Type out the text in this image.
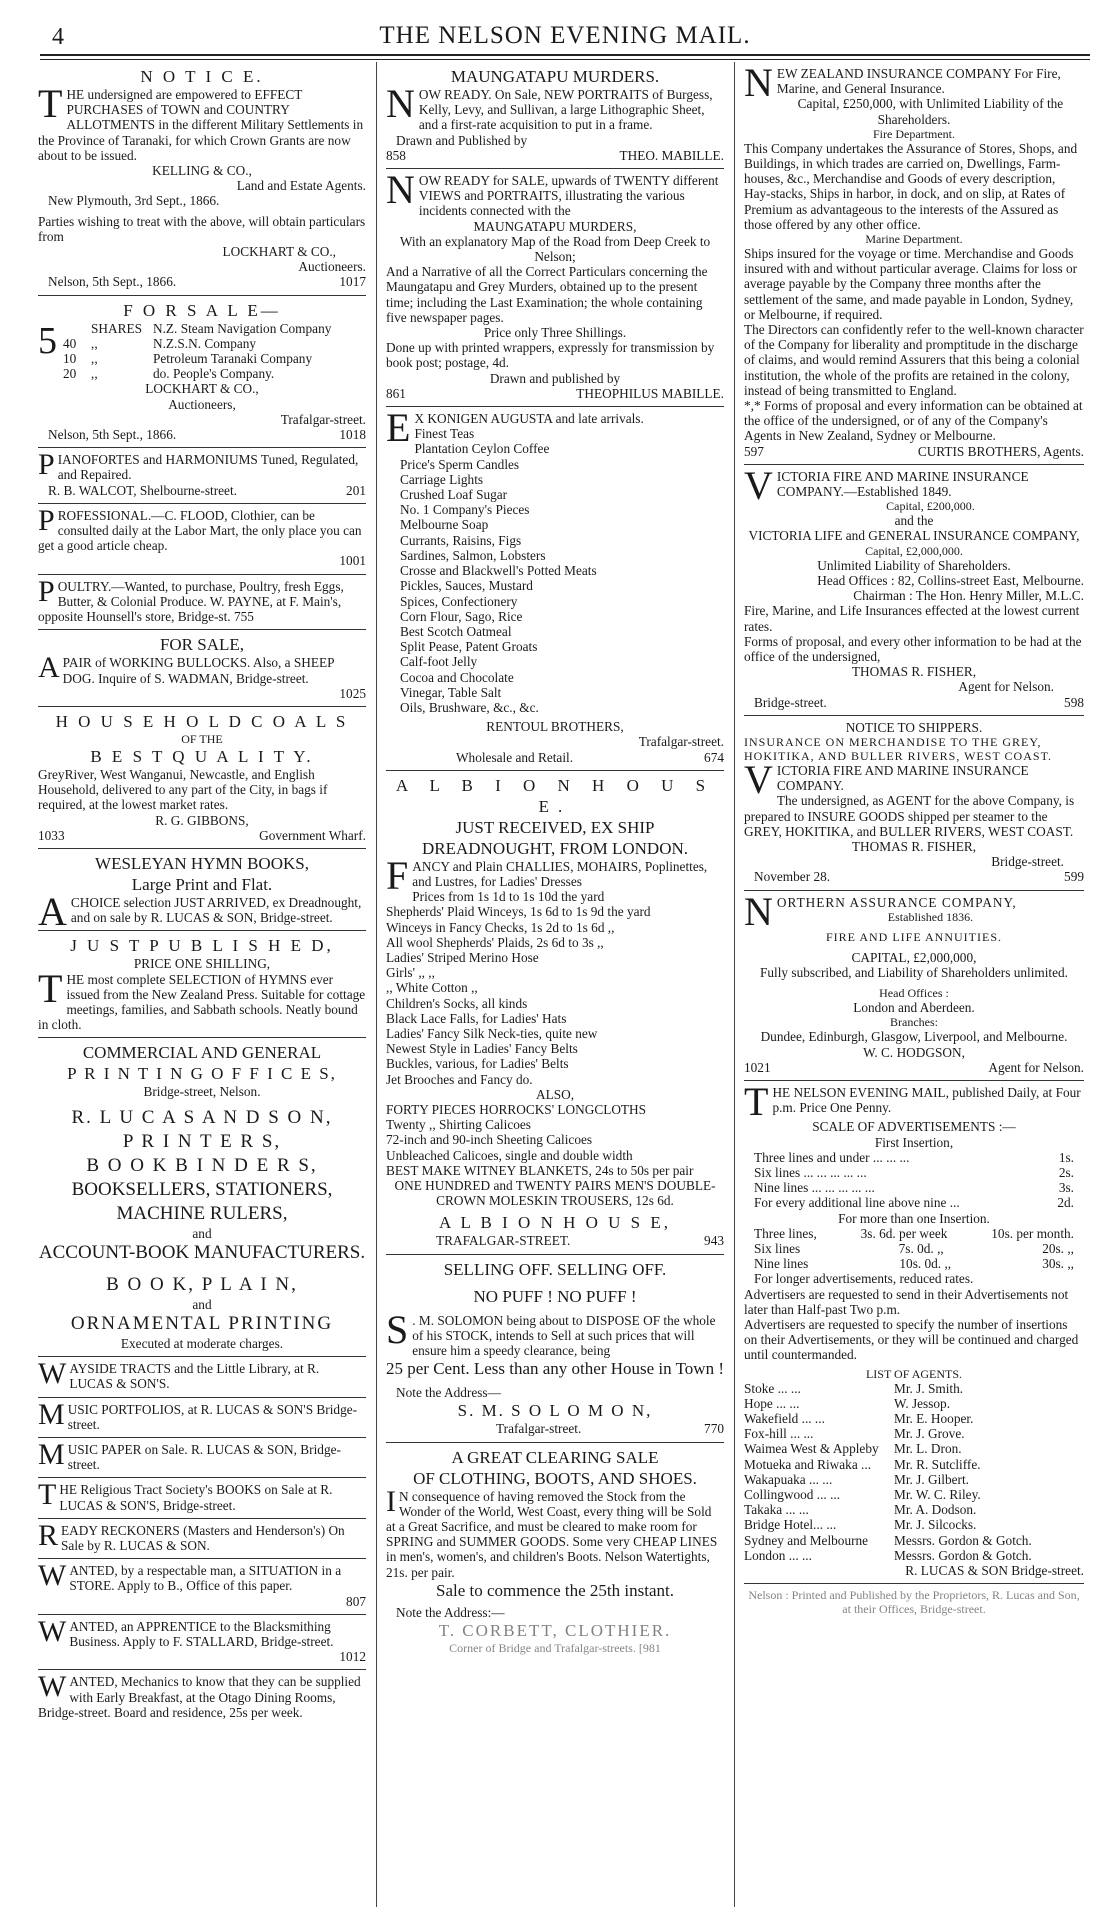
4	THE NELSON EVENING MAIL.
N O T I C E.
THE undersigned are empowered to EFFECT PURCHASES of TOWN and COUNTRY ALLOTMENTS in the different Military Settlements in the Province of Taranaki, for which Crown Grants are now about to be issued.
KELLING & CO.,
Land and Estate Agents.
New Plymouth, 3rd Sept., 1866.
Parties wishing to treat with the above, will obtain particulars from
LOCKHART & CO.,
Auctioneers.
Nelson, 5th Sept., 1866.	1017
F O R S A L E—
5	SHARES N.Z. Steam Navigation Company
40	,,	N.Z.S.N. Company
10	,,	Petroleum Taranaki Company
20	,,	do. People's Company.
LOCKHART & CO.,
Auctioneers,
Trafalgar-street.
Nelson, 5th Sept., 1866.	1018
PIANOFORTES and HARMONIUMS Tuned, Regulated, and Repaired.
R. B. WALCOT, Shelbourne-street.	201
PROFESSIONAL.—C. FLOOD, Clothier, can be consulted daily at the Labor Mart, the only place you can get a good article cheap.
1001
POULTRY.—Wanted, to purchase, Poultry, fresh Eggs, Butter, & Colonial Produce. W. PAYNE, at F. Main's, opposite Hounsell's store, Bridge-st. 755
FOR SALE,
APAIR of WORKING BULLOCKS. Also, a SHEEP DOG. Inquire of S. WADMAN, Bridge-street.
1025
H O U S E H O L D C O A L S
OF THE
B E S T Q U A L I T Y.
GreyRiver, West Wanganui, Newcastle, and English Household, delivered to any part of the City, in bags if required, at the lowest market rates.
R. G. GIBBONS,
1033	Government Wharf.
WESLEYAN HYMN BOOKS,
Large Print and Flat.
ACHOICE selection JUST ARRIVED, ex Dreadnought, and on sale by R. LUCAS & SON, Bridge-street.
J U S T P U B L I S H E D,
PRICE ONE SHILLING,
THE most complete SELECTION of HYMNS ever issued from the New Zealand Press. Suitable for cottage meetings, families, and Sabbath schools. Neatly bound in cloth.
COMMERCIAL AND GENERAL
P R I N T I N G O F F I C E S,
Bridge-street, Nelson.
R. L U C A S A N D S O N,
P R I N T E R S,
B O O K B I N D E R S,
BOOKSELLERS, STATIONERS,
MACHINE RULERS,
and
ACCOUNT-BOOK MANUFACTURERS.
B O O K, P L A I N,
and
ORNAMENTAL PRINTING
Executed at moderate charges.
WAYSIDE TRACTS and the Little Library, at R. LUCAS & SON'S.
MUSIC PORTFOLIOS, at R. LUCAS & SON'S Bridge-street.
MUSIC PAPER on Sale. R. LUCAS & SON, Bridge-street.
THE Religious Tract Society's BOOKS on Sale at R. LUCAS & SON'S, Bridge-street.
READY RECKONERS (Masters and Henderson's) On Sale by R. LUCAS & SON.
WANTED, by a respectable man, a SITUATION in a STORE. Apply to B., Office of this paper.
807
WANTED, an APPRENTICE to the Blacksmithing Business. Apply to F. STALLARD, Bridge-street.
1012
WANTED, Mechanics to know that they can be supplied with Early Breakfast, at the Otago Dining Rooms, Bridge-street. Board and residence, 25s per week.
MAUNGATAPU MURDERS.
NOW READY. On Sale, NEW PORTRAITS of Burgess, Kelly, Levy, and Sullivan, a large Lithographic Sheet, and a first-rate acquisition to put in a frame.
Drawn and Published by
858	THEO. MABILLE.
NOW READY for SALE, upwards of TWENTY different VIEWS and PORTRAITS, illustrating the various incidents connected with the
MAUNGATAPU MURDERS,
With an explanatory Map of the Road from Deep Creek to Nelson;
And a Narrative of all the Correct Particulars concerning the Maungatapu and Grey Murders, obtained up to the present time; including the Last Examination; the whole containing five newspaper pages.
Price only Three Shillings.
Done up with printed wrappers, expressly for transmission by book post; postage, 4d.
Drawn and published by
861	THEOPHILUS MABILLE.
E X KONIGEN AUGUSTA and late arrivals.
Finest Teas
Plantation Ceylon Coffee
Price's Sperm Candles
Carriage Lights
Crushed Loaf Sugar
No. 1 Company's Pieces
Melbourne Soap
Currants, Raisins, Figs
Sardines, Salmon, Lobsters
Crosse and Blackwell's Potted Meats
Pickles, Sauces, Mustard
Spices, Confectionery
Corn Flour, Sago, Rice
Best Scotch Oatmeal
Split Pease, Patent Groats
Calf-foot Jelly
Cocoa and Chocolate
Vinegar, Table Salt
Oils, Brushware, &c., &c.
RENTOUL BROTHERS,
Trafalgar-street.
Wholesale and Retail.	674
A L B I O N H O U S E.
JUST RECEIVED, EX SHIP
DREADNOUGHT, FROM LONDON.
FANCY and Plain CHALLIES, MOHAIRS, Poplinettes, and Lustres, for Ladies' Dresses
Prices from 1s 1d to 1s 10d the yard
Shepherds' Plaid Winceys, 1s 6d to 1s 9d the yard
Winceys in Fancy Checks, 1s 2d to 1s 6d ,,
All wool Shepherds' Plaids, 2s 6d to 3s ,,
Ladies' Striped Merino Hose
Girls' ,, ,,
,, White Cotton ,,
Children's Socks, all kinds
Black Lace Falls, for Ladies' Hats
Ladies' Fancy Silk Neck-ties, quite new
Newest Style in Ladies' Fancy Belts
Buckles, various, for Ladies' Belts
Jet Brooches and Fancy do.
ALSO,
FORTY PIECES HORROCKS' LONGCLOTHS
Twenty ,, Shirting Calicoes
72-inch and 90-inch Sheeting Calicoes
Unbleached Calicoes, single and double width
BEST MAKE WITNEY BLANKETS, 24s to 50s per pair
ONE HUNDRED and TWENTY PAIRS MEN'S DOUBLE-CROWN MOLESKIN TROUSERS, 12s 6d.
A L B I O N H O U S E,
TRAFALGAR-STREET.	943
SELLING OFF. SELLING OFF.
NO PUFF ! NO PUFF !
S . M. SOLOMON being about to DISPOSE OF the whole of his STOCK, intends to Sell at such prices that will ensure him a speedy clearance, being
25 per Cent. Less than any other House in Town !
Note the Address—
S. M. S O L O M O N,
Trafalgar-street.	770
A GREAT CLEARING SALE
OF CLOTHING, BOOTS, AND SHOES.
I N consequence of having removed the Stock from the Wonder of the World, West Coast, every thing will be Sold at a Great Sacrifice, and must be cleared to make room for SPRING and SUMMER GOODS. Some very CHEAP LINES in men's, women's, and children's Boots. Nelson Watertights, 21s. per pair.
Sale to commence the 25th instant.
Note the Address:—
T. CORBETT, CLOTHIER.
Corner of Bridge and Trafalgar-streets. [981
NEW ZEALAND INSURANCE COMPANY For Fire, Marine, and General Insurance.
Capital, £250,000, with Unlimited Liability of the Shareholders.
Fire Department.
This Company undertakes the Assurance of Stores, Shops, and Buildings, in which trades are carried on, Dwellings, Farm-houses, &c., Merchandise and Goods of every description, Hay-stacks, Ships in harbor, in dock, and on slip, at Rates of Premium as advantageous to the interests of the Assured as those offered by any other office.
Marine Department.
Ships insured for the voyage or time. Merchandise and Goods insured with and without particular average. Claims for loss or average payable by the Company three months after the settlement of the same, and made payable in London, Sydney, or Melbourne, if required.
The Directors can confidently refer to the well-known character of the Company for liberality and promptitude in the discharge of claims, and would remind Assurers that this being a colonial institution, the whole of the profits are retained in the colony, instead of being transmitted to England.
*,* Forms of proposal and every information can be obtained at the office of the undersigned, or of any of the Company's Agents in New Zealand, Sydney or Melbourne.
597	CURTIS BROTHERS, Agents.
VICTORIA FIRE AND MARINE INSURANCE COMPANY.—Established 1849.
Capital, £200,000.
and the
VICTORIA LIFE and GENERAL INSURANCE COMPANY,
Capital, £2,000,000.
Unlimited Liability of Shareholders.
Head Offices : 82, Collins-street East, Melbourne.
Chairman : The Hon. Henry Miller, M.L.C.
Fire, Marine, and Life Insurances effected at the lowest current rates.
Forms of proposal, and every other information to be had at the office of the undersigned,
THOMAS R. FISHER,
Agent for Nelson.
Bridge-street.	598
NOTICE TO SHIPPERS.
INSURANCE ON MERCHANDISE TO THE GREY, HOKITIKA, AND BULLER RIVERS, WEST COAST.
VICTORIA FIRE AND MARINE INSURANCE COMPANY.
The undersigned, as AGENT for the above Company, is prepared to INSURE GOODS shipped per steamer to the GREY, HOKITIKA, and BULLER RIVERS, WEST COAST.
THOMAS R. FISHER,
Bridge-street.
November 28.	599
NORTHERN ASSURANCE COMPANY,
Established 1836.
FIRE AND LIFE ANNUITIES.
CAPITAL, £2,000,000,
Fully subscribed, and Liability of Shareholders unlimited.
Head Offices :
London and Aberdeen.
Branches:
Dundee, Edinburgh, Glasgow, Liverpool, and Melbourne.
W. C. HODGSON,
1021	Agent for Nelson.
THE NELSON EVENING MAIL, published Daily, at Four p.m. Price One Penny.
SCALE OF ADVERTISEMENTS :—
First Insertion,
Three lines and under ... ... ...	1s.
Six lines ... ... ... ... ...	2s.
Nine lines ... ... ... ... ...	3s.
For every additional line above nine ...	2d.
For more than one Insertion.
Three lines,	3s. 6d. per week	10s. per month.
Six lines	7s. 0d. ,,	20s. ,,
Nine lines	10s. 0d. ,,	30s. ,,
For longer advertisements, reduced rates.
Advertisers are requested to send in their Advertisements not later than Half-past Two p.m.
Advertisers are requested to specify the number of insertions on their Advertisements, or they will be continued and charged until countermanded.
LIST OF AGENTS.
Stoke ... ...	Mr. J. Smith.
Hope ... ...	W. Jessop.
Wakefield ... ...	Mr. E. Hooper.
Fox-hill ... ...	Mr. J. Grove.
Waimea West & Appleby	Mr. L. Dron.
Motueka and Riwaka ...	Mr. R. Sutcliffe.
Wakapuaka ... ...	Mr. J. Gilbert.
Collingwood ... ...	Mr. W. C. Riley.
Takaka ... ...	Mr. A. Dodson.
Bridge Hotel... ...	Mr. J. Silcocks.
Sydney and Melbourne	Messrs. Gordon & Gotch.
London ... ...	Messrs. Gordon & Gotch.
R. LUCAS & SON Bridge-street.
Nelson : Printed and Published by the Proprietors, R. Lucas and Son, at their Offices, Bridge-street.
